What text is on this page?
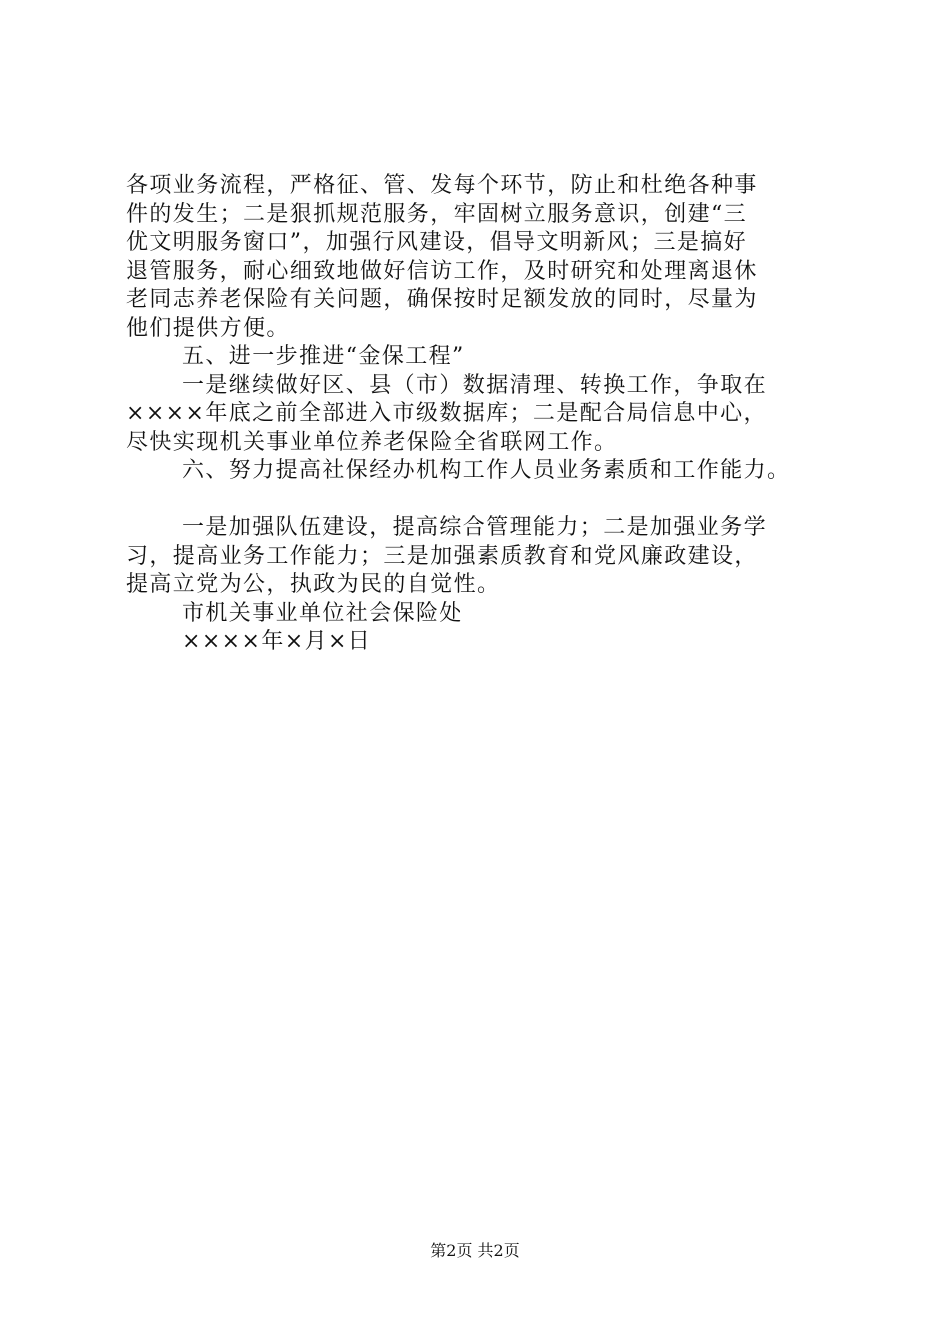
各项业务流程，严格征、管、发每个环节，防止和杜绝各种事
件的发生；二是狠抓规范服务，牢固树立服务意识，创建“三
优文明服务窗口”，加强行风建设，倡导文明新风；三是搞好
退管服务，耐心细致地做好信访工作，及时研究和处理离退休
老同志养老保险有关问题，确保按时足额发放的同时，尽量为
他们提供方便。
五、进一步推进“金保工程”
一是继续做好区、县（市）数据清理、转换工作，争取在
××××年底之前全部进入市级数据库；二是配合局信息中心，
尽快实现机关事业单位养老保险全省联网工作。
六、努力提高社保经办机构工作人员业务素质和工作能力。
一是加强队伍建设，提高综合管理能力；二是加强业务学
习，提高业务工作能力；三是加强素质教育和党风廉政建设，
提高立党为公，执政为民的自觉性。
市机关事业单位社会保险处
××××年×月×日
第2页 共2页
